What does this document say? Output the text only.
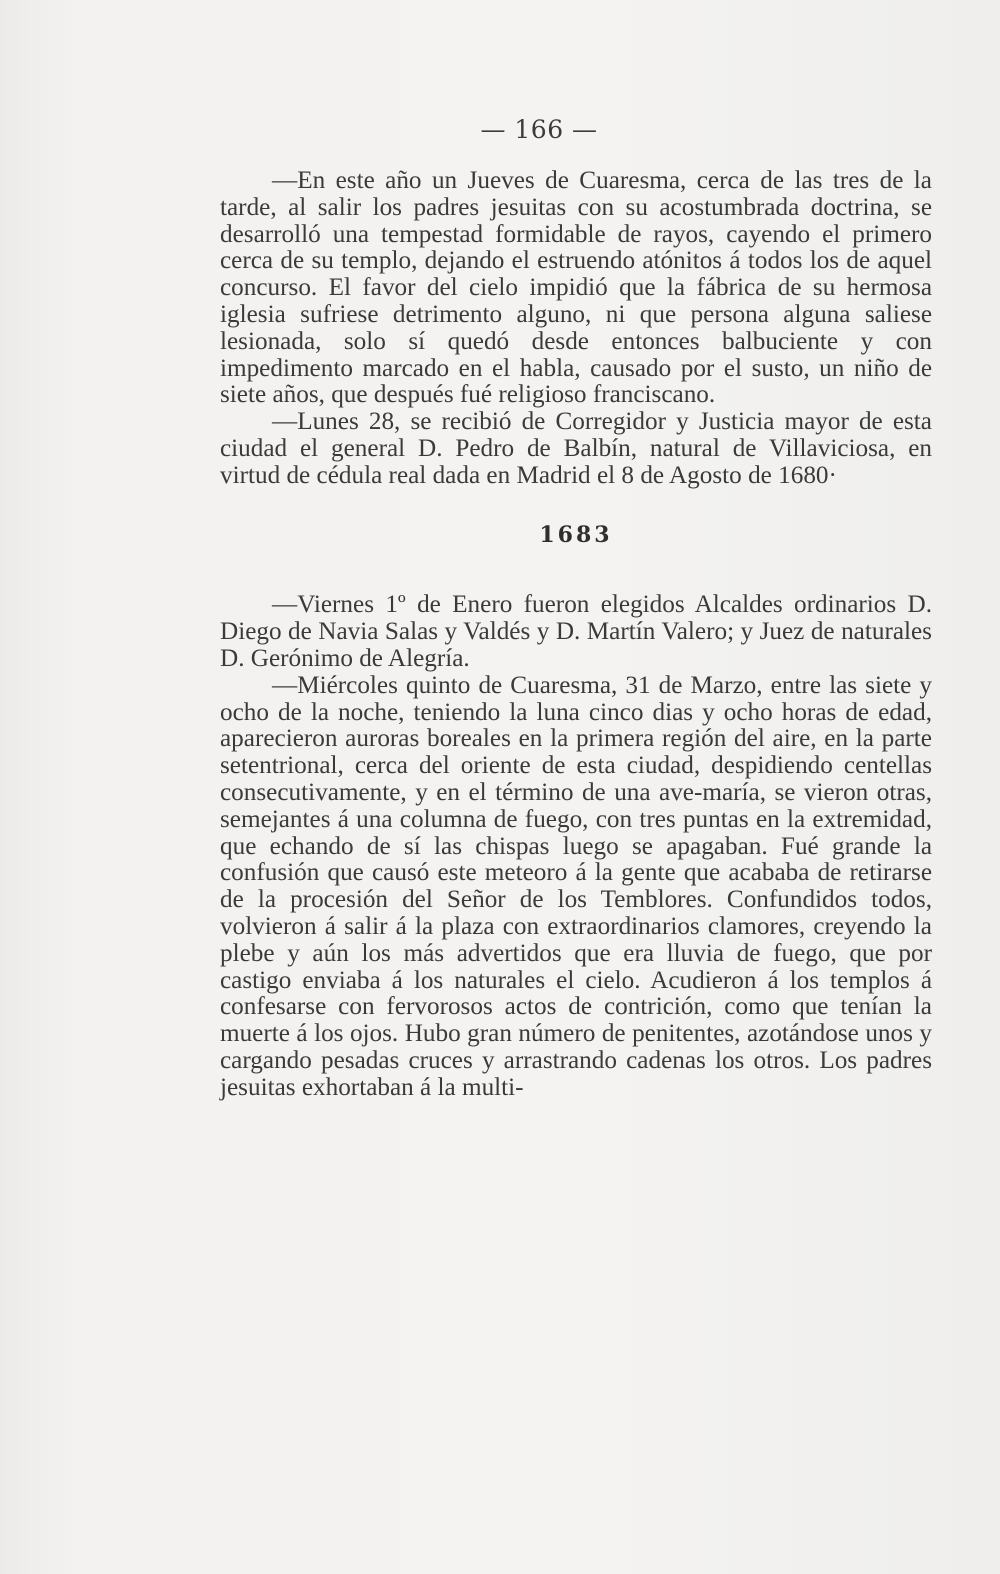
— 166 —

—En este año un Jueves de Cuaresma, cerca de las tres de la tarde, al salir los padres jesuitas con su acostumbrada doctrina, se desarrolló una tempestad formidable de rayos, cayendo el primero cerca de su templo, dejando el estruendo atónitos á todos los de aquel concurso. El favor del cielo impidió que la fábrica de su hermosa iglesia sufriese detrimento alguno, ni que persona alguna saliese lesionada, solo sí quedó desde entonces balbuciente y con impedimento marcado en el habla, causado por el susto, un niño de siete años, que después fué religioso franciscano.

—Lunes 28, se recibió de Corregidor y Justicia mayor de esta ciudad el general D. Pedro de Balbín, natural de Villaviciosa, en virtud de cédula real dada en Madrid el 8 de Agosto de 1680·

1683

—Viernes 1º de Enero fueron elegidos Alcaldes ordinarios D. Diego de Navia Salas y Valdés y D. Martín Valero; y Juez de naturales D. Gerónimo de Alegría.

—Miércoles quinto de Cuaresma, 31 de Marzo, entre las siete y ocho de la noche, teniendo la luna cinco dias y ocho horas de edad, aparecieron auroras boreales en la primera región del aire, en la parte setentrional, cerca del oriente de esta ciudad, despidiendo centellas consecutivamente, y en el término de una ave-maría, se vieron otras, semejantes á una columna de fuego, con tres puntas en la extremidad, que echando de sí las chispas luego se apagaban. Fué grande la confusión que causó este meteoro á la gente que acababa de retirarse de la procesión del Señor de los Temblores. Confundidos todos, volvieron á salir á la plaza con extraordinarios clamores, creyendo la plebe y aún los más advertidos que era lluvia de fuego, que por castigo enviaba á los naturales el cielo. Acudieron á los templos á confesarse con fervorosos actos de contrición, como que tenían la muerte á los ojos. Hubo gran número de penitentes, azotándose unos y cargando pesadas cruces y arrastrando cadenas los otros. Los padres jesuitas exhortaban á la multi-
